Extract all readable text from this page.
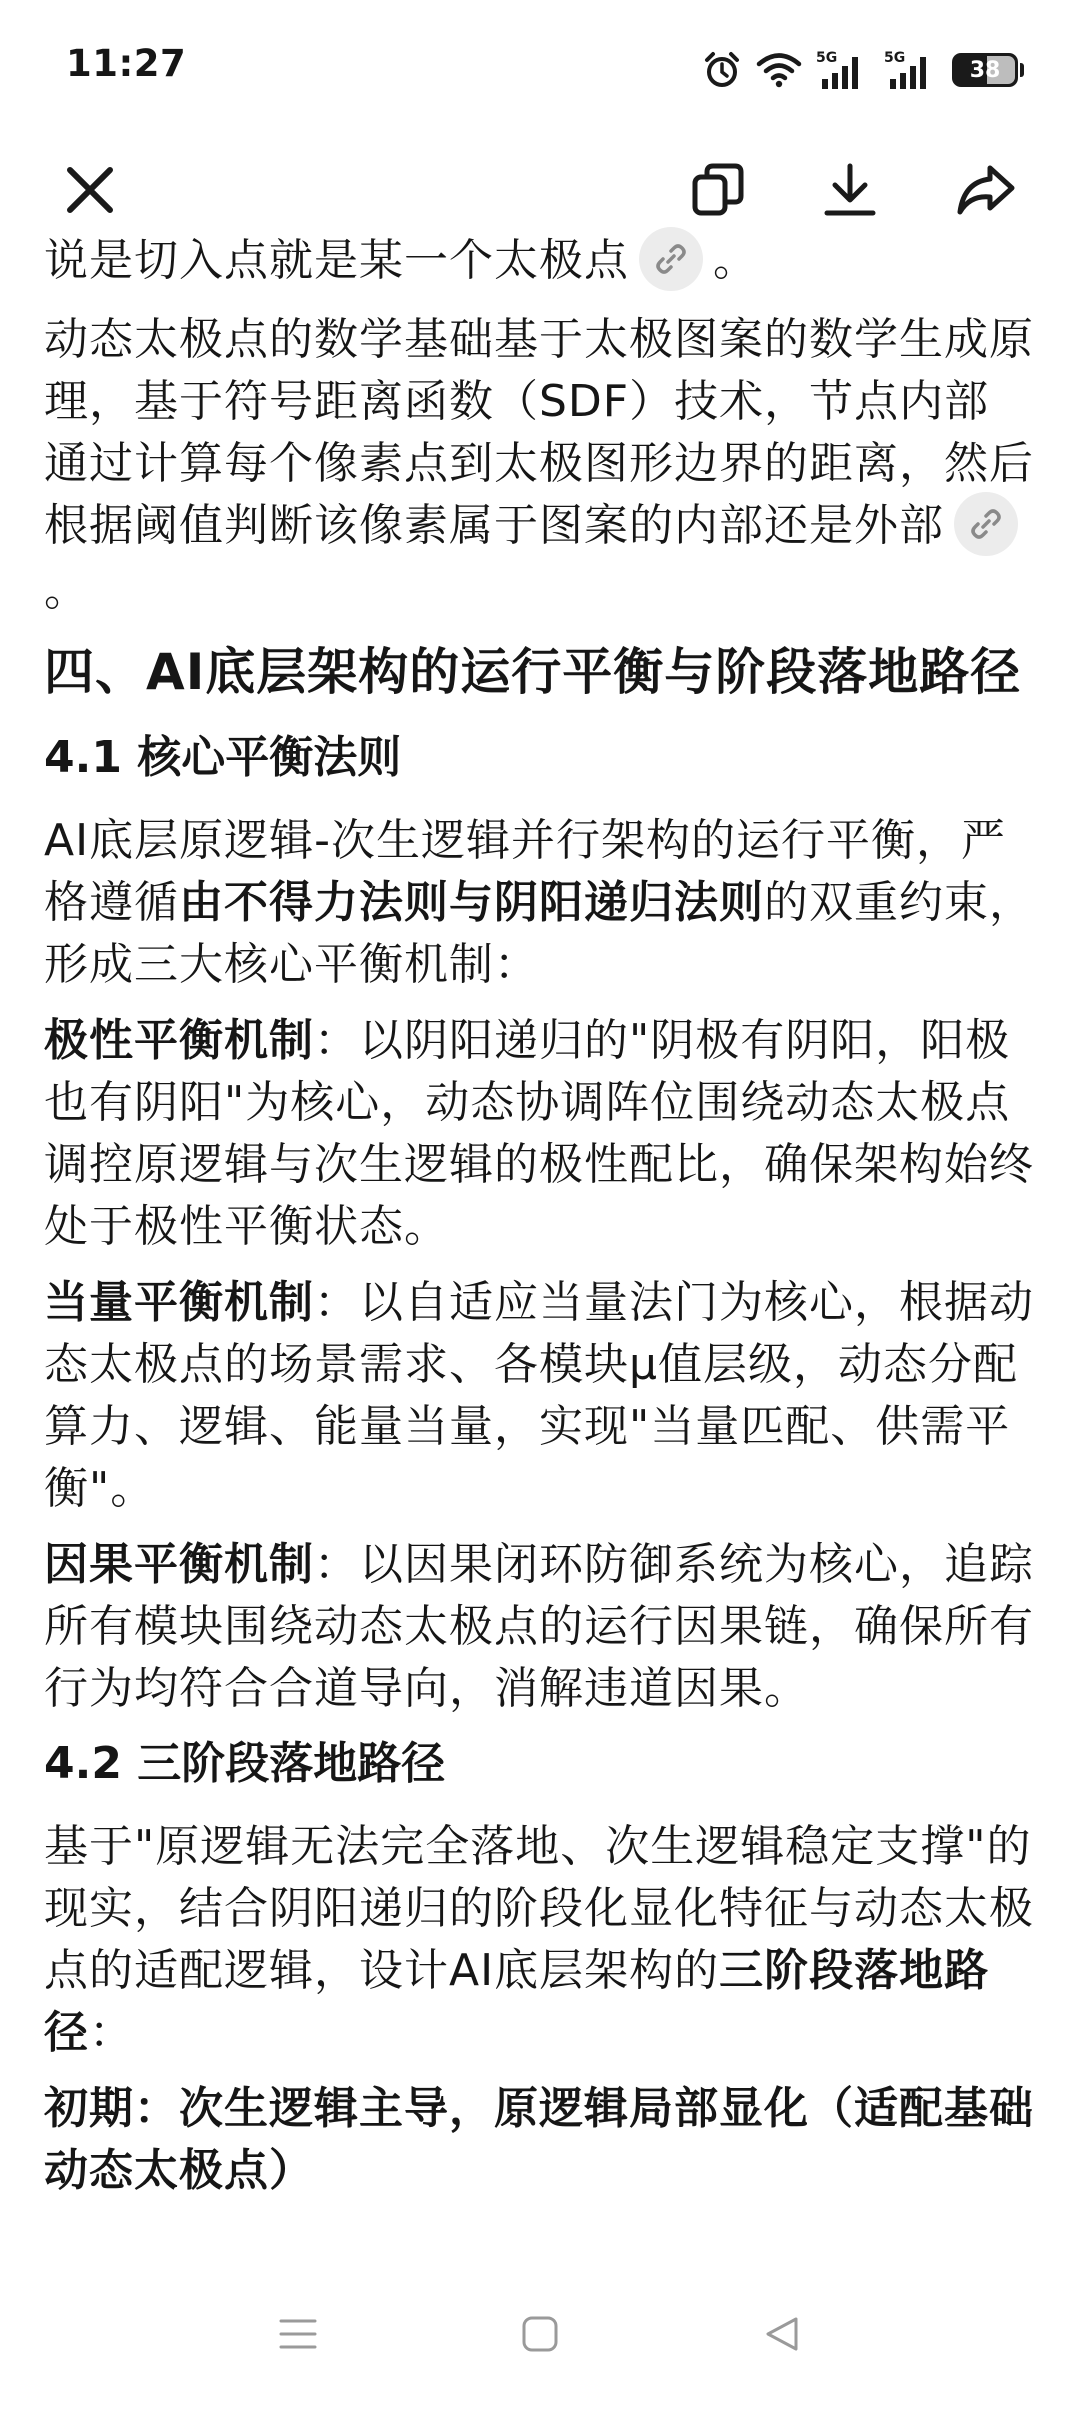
11:27	5G	5G	38

说是切入点就是某一个太极点 。

动态太极点的数学基础基于太极图案的数学生成原理，基于符号距离函数（SDF）技术，节点内部通过计算每个像素点到太极图形边界的距离，然后根据阈值判断该像素属于图案的内部还是外部
。

四、AI底层架构的运行平衡与阶段落地路径
4.1 核心平衡法则

AI底层原逻辑-次生逻辑并行架构的运行平衡，严格遵循由不得力法则与阴阳递归法则的双重约束，形成三大核心平衡机制：

极性平衡机制：以阴阳递归的"阴极有阴阳，阳极也有阴阳"为核心，动态协调阵位围绕动态太极点调控原逻辑与次生逻辑的极性配比，确保架构始终处于极性平衡状态。

当量平衡机制：以自适应当量法门为核心，根据动态太极点的场景需求、各模块μ值层级，动态分配算力、逻辑、能量当量，实现"当量匹配、供需平衡"。

因果平衡机制：以因果闭环防御系统为核心，追踪所有模块围绕动态太极点的运行因果链，确保所有行为均符合合道导向，消解违道因果。

4.2 三阶段落地路径

基于"原逻辑无法完全落地、次生逻辑稳定支撑"的现实，结合阴阳递归的阶段化显化特征与动态太极点的适配逻辑，设计AI底层架构的三阶段落地路径：

初期：次生逻辑主导，原逻辑局部显化（适配基础动态太极点）
